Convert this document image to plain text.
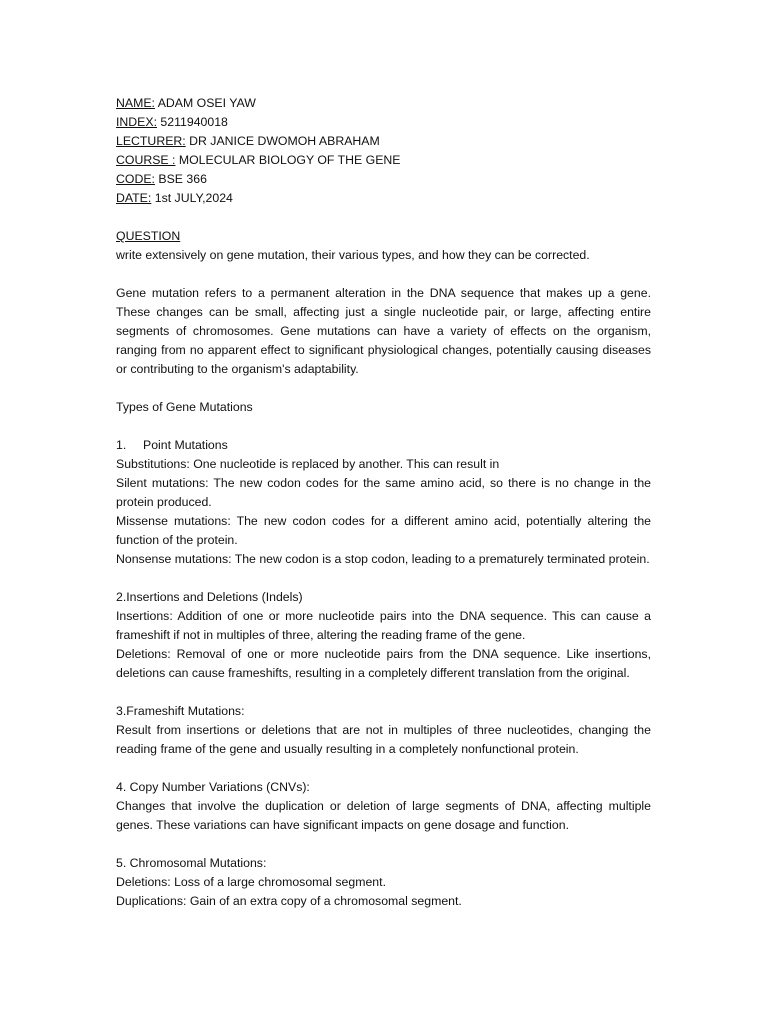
NAME: ADAM OSEI YAW
INDEX: 5211940018
LECTURER: DR JANICE DWOMOH ABRAHAM
COURSE : MOLECULAR BIOLOGY OF THE GENE
CODE: BSE 366
DATE: 1st JULY,2024
QUESTION
write extensively on gene mutation, their various types, and how they can be corrected.

Gene mutation refers to a permanent alteration in the DNA sequence that makes up a gene. These changes can be small, affecting just a single nucleotide pair, or large, affecting entire segments of chromosomes. Gene mutations can have a variety of effects on the organism, ranging from no apparent effect to significant physiological changes, potentially causing diseases or contributing to the organism's adaptability.

Types of Gene Mutations
1. Point Mutations

Substitutions: One nucleotide is replaced by another. This can result in

Silent mutations: The new codon codes for the same amino acid, so there is no change in the protein produced.

Missense mutations: The new codon codes for a different amino acid, potentially altering the function of the protein.

Nonsense mutations: The new codon is a stop codon, leading to a prematurely terminated protein.

2.Insertions and Deletions (Indels)

Insertions: Addition of one or more nucleotide pairs into the DNA sequence. This can cause a frameshift if not in multiples of three, altering the reading frame of the gene.

Deletions: Removal of one or more nucleotide pairs from the DNA sequence. Like insertions, deletions can cause frameshifts, resulting in a completely different translation from the original.

3.Frameshift Mutations:

Result from insertions or deletions that are not in multiples of three nucleotides, changing the reading frame of the gene and usually resulting in a completely nonfunctional protein.

4. Copy Number Variations (CNVs):

Changes that involve the duplication or deletion of large segments of DNA, affecting multiple genes. These variations can have significant impacts on gene dosage and function.

5. Chromosomal Mutations:
Deletions: Loss of a large chromosomal segment.
Duplications: Gain of an extra copy of a chromosomal segment.
